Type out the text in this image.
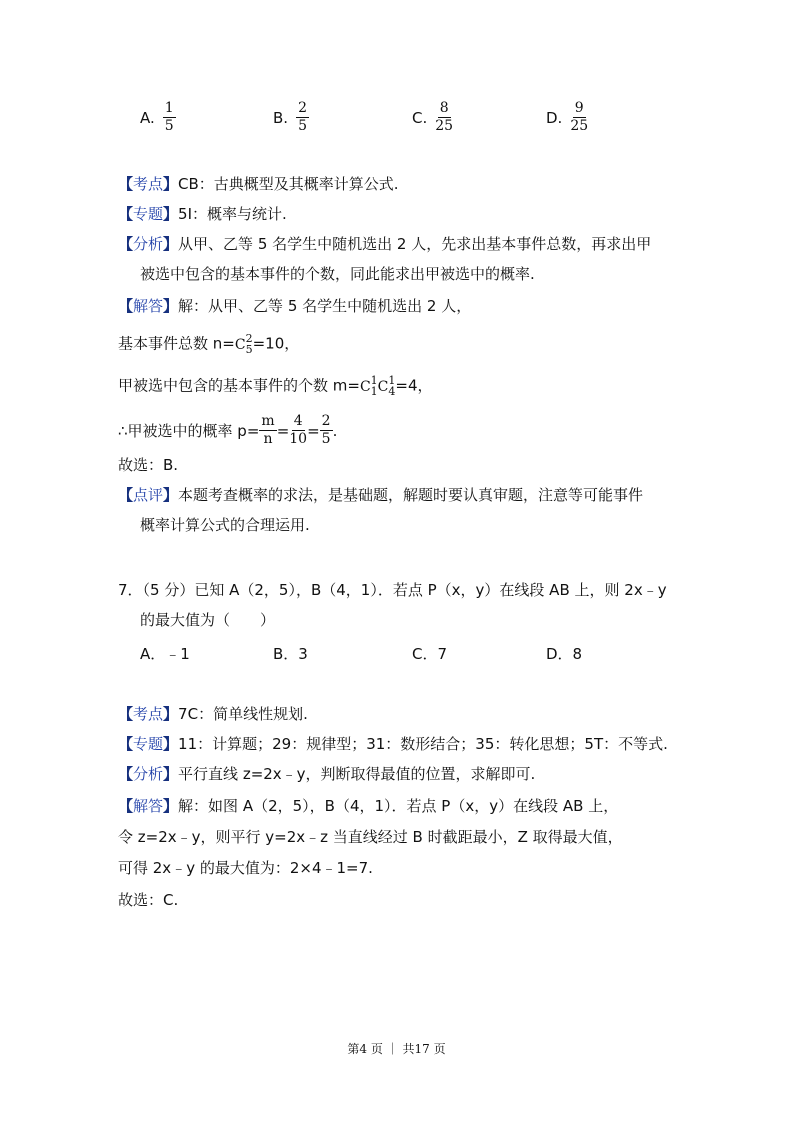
A. $\frac{1}{5}$	B. $\frac{2}{5}$	C. $\frac{8}{25}$	D. $\frac{9}{25}$
【考点】CB：古典概型及其概率计算公式.
【专题】5I：概率与统计.
【分析】从甲、乙等 5 名学生中随机选出 2 人，先求出基本事件总数，再求出甲
被选中包含的基本事件的个数，同此能求出甲被选中的概率.
【解答】解：从甲、乙等 5 名学生中随机选出 2 人，
基本事件总数 n=C 2
5 =10，
甲被选中包含的基本事件的个数 m=C 1
1 C 1
4 =4，
∴甲被选中的概率 $p= \frac{m}{n} = \frac{4}{10} = \frac{2}{5}$ .
故选：B.
【点评】本题考查概率的求法，是基础题，解题时要认真审题，注意等可能事件
概率计算公式的合理运用.
7．（5 分）已知 A（2，5），B（4，1）．若点 P（x，y）在线段 AB 上，则 2x﹣y
的最大值为（　　）
A．﹣1	B．3	C．7	D．8
【考点】7C：简单线性规划.
【专题】11：计算题；29：规律型；31：数形结合；35：转化思想；5T：不等式.
【分析】平行直线 z=2x﹣y，判断取得最值的位置，求解即可.
【解答】解：如图 A（2，5），B（4，1）．若点 P（x，y）在线段 AB 上，
令 z=2x﹣y，则平行 y=2x﹣z 当直线经过 B 时截距最小，Z 取得最大值，
可得 2x﹣y 的最大值为：2×4﹣1=7.
故选：C.
第4 页 ｜ 共17 页
